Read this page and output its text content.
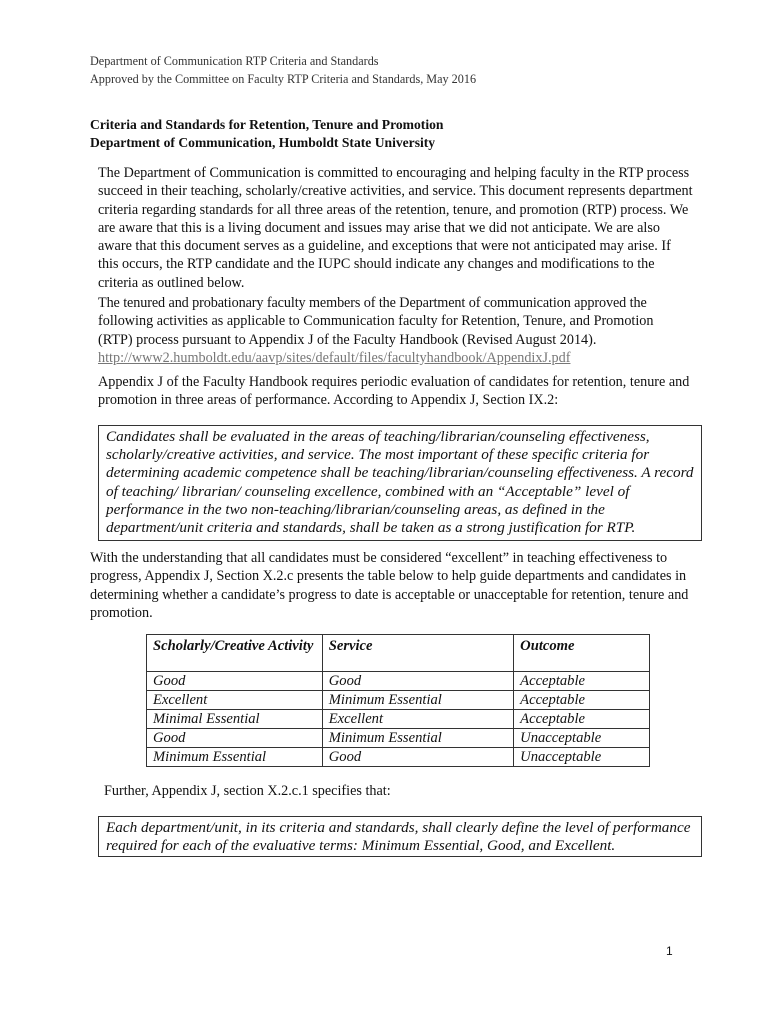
Department of Communication RTP Criteria and Standards
Approved by the Committee on Faculty RTP Criteria and Standards, May 2016
Criteria and Standards for Retention, Tenure and Promotion
Department of Communication, Humboldt State University
The Department of Communication is committed to encouraging and helping faculty in the RTP process
succeed in their teaching, scholarly/creative activities, and service. This document represents department
criteria regarding standards for all three areas of the retention, tenure, and promotion (RTP) process. We
are aware that this is a living document and issues may arise that we did not anticipate. We are also
aware that this document serves as a guideline, and exceptions that were not anticipated may arise. If
this occurs, the RTP candidate and the IUPC should indicate any changes and modifications to the
criteria as outlined below.
The tenured and probationary faculty members of the Department of communication approved the
following activities as applicable to Communication faculty for Retention, Tenure, and Promotion
(RTP) process pursuant to Appendix J of the Faculty Handbook (Revised August 2014).
http://www2.humboldt.edu/aavp/sites/default/files/facultyhandbook/AppendixJ.pdf
Appendix J of the Faculty Handbook requires periodic evaluation of candidates for retention, tenure and
promotion in three areas of performance. According to Appendix J, Section IX.2:
Candidates shall be evaluated in the areas of teaching/librarian/counseling effectiveness,
scholarly/creative activities, and service. The most important of these specific criteria for
determining academic competence shall be teaching/librarian/counseling effectiveness. A record
of teaching/ librarian/ counseling excellence, combined with an “Acceptable” level of
performance in the two non-teaching/librarian/counseling areas, as defined in the
department/unit criteria and standards, shall be taken as a strong justification for RTP.
With the understanding that all candidates must be considered “excellent” in teaching effectiveness to
progress, Appendix J, Section X.2.c presents the table below to help guide departments and candidates in
determining whether a candidate’s progress to date is acceptable or unacceptable for retention, tenure and
promotion.
Scholarly/Creative Activity	Service	Outcome
Good	Good	Acceptable
Excellent	Minimum Essential	Acceptable
Minimal Essential	Excellent	Acceptable
Good	Minimum Essential	Unacceptable
Minimum Essential	Good	Unacceptable
Further, Appendix J, section X.2.c.1 specifies that:
Each department/unit, in its criteria and standards, shall clearly define the level of performance
required for each of the evaluative terms: Minimum Essential, Good, and Excellent.
1
